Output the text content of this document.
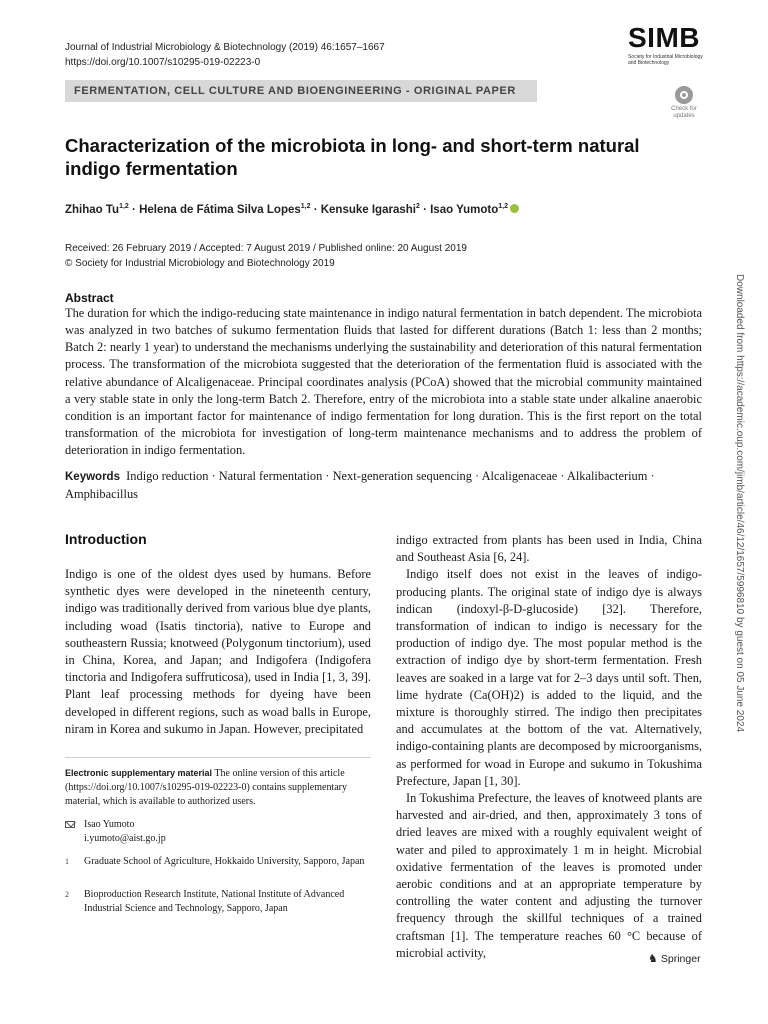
Journal of Industrial Microbiology & Biotechnology (2019) 46:1657–1667
https://doi.org/10.1007/s10295-019-02223-0
SIMB
Society for Industrial Microbiology and Biotechnology
FERMENTATION, CELL CULTURE AND BIOENGINEERING - ORIGINAL PAPER
Check for updates
Characterization of the microbiota in long- and short-term natural indigo fermentation
Zhihao Tu$^{1,2}$ · Helena de Fátima Silva Lopes$^{1,2}$ · Kensuke Igarashi$^2$ · Isao Yumoto$^{1,2}$
Received: 26 February 2019 / Accepted: 7 August 2019 / Published online: 20 August 2019
© Society for Industrial Microbiology and Biotechnology 2019
Abstract
The duration for which the indigo-reducing state maintenance in indigo natural fermentation in batch dependent. The microbiota was analyzed in two batches of sukumo fermentation fluids that lasted for different durations (Batch 1: less than 2 months; Batch 2: nearly 1 year) to understand the mechanisms underlying the sustainability and deterioration of this natural fermentation process. The transformation of the microbiota suggested that the deterioration of the fermentation fluid is associated with the relative abundance of Alcaligenaceae. Principal coordinates analysis (PCoA) showed that the microbial community maintained a very stable state in only the long-term Batch 2. Therefore, entry of the microbiota into a stable state under alkaline anaerobic condition is an important factor for maintenance of indigo fermentation for long duration. This is the first report on the total transformation of the microbiota for investigation of long-term maintenance mechanisms and to address the problem of deterioration in indigo fermentation.
Keywords Indigo reduction · Natural fermentation · Next-generation sequencing · Alcaligenaceae · Alkalibacterium · Amphibacillus
Introduction

Indigo is one of the oldest dyes used by humans. Before synthetic dyes were developed in the nineteenth century, indigo was traditionally derived from various blue dye plants, including woad (Isatis tinctoria), native to Europe and southeastern Russia; knotweed (Polygonum tinctorium), used in China, Korea, and Japan; and Indigofera (Indigofera tinctoria and Indigofera suffruticosa), used in India [1, 3, 39]. Plant leaf processing methods for dyeing have been developed in different regions, such as woad balls in Europe, niram in Korea and sukumo in Japan. However, precipitated

indigo extracted from plants has been used in India, China and Southeast Asia [6, 24].

Indigo itself does not exist in the leaves of indigo-producing plants. The original state of indigo dye is always indican (indoxyl-β-D-glucoside) [32]. Therefore, transformation of indican to indigo is necessary for the production of indigo dye. The most popular method is the extraction of indigo dye by short-term fermentation. Fresh leaves are soaked in a large vat for 2–3 days until soft. Then, lime hydrate (Ca(OH)2) is added to the liquid, and the mixture is thoroughly stirred. The indigo then precipitates and accumulates at the bottom of the vat. Alternatively, indigo-containing plants are decomposed by microorganisms, as performed for woad in Europe and sukumo in Tokushima Prefecture, Japan [1, 30].

In Tokushima Prefecture, the leaves of knotweed plants are harvested and air-dried, and then, approximately 3 tons of dried leaves are mixed with a roughly equivalent weight of water and piled to approximately 1 m in height. Microbial oxidative fermentation of the leaves is promoted under aerobic conditions and at an appropriate temperature by controlling the water content and adjusting the turnover frequency through the skillful techniques of a trained craftsman [1]. The temperature reaches 60 °C because of microbial activity,

Electronic supplementary material The online version of this article (https://doi.org/10.1007/s10295-019-02223-0) contains supplementary material, which is available to authorized users.
Isao Yumoto
i.yumoto@aist.go.jp
1 Graduate School of Agriculture, Hokkaido University, Sapporo, Japan
2 Bioproduction Research Institute, National Institute of Advanced Industrial Science and Technology, Sapporo, Japan
Downloaded from https://academic.oup.com/jimb/article/46/12/1657/5996810 by guest on 05 June 2024
♞ Springer
